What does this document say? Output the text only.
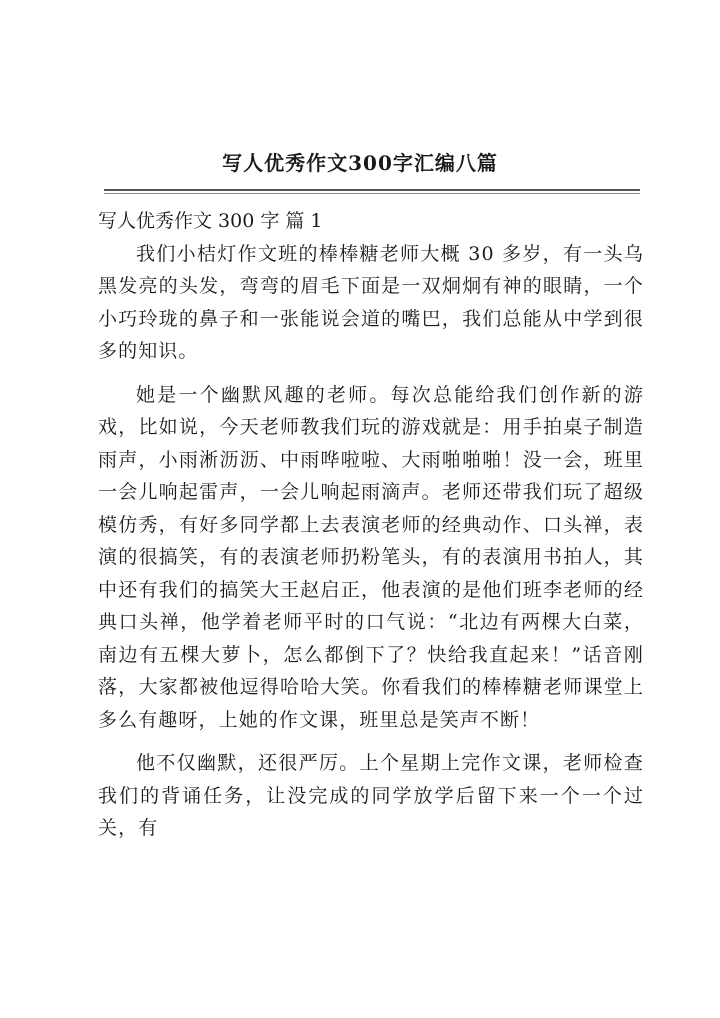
写人优秀作文300字汇编八篇
写人优秀作文 300 字 篇 1

我们小桔灯作文班的棒棒糖老师大概 30 多岁，有一头乌黑发亮的头发，弯弯的眉毛下面是一双炯炯有神的眼睛，一个小巧玲珑的鼻子和一张能说会道的嘴巴，我们总能从中学到很多的知识。

她是一个幽默风趣的老师。每次总能给我们创作新的游戏，比如说，今天老师教我们玩的游戏就是：用手拍桌子制造雨声，小雨淅沥沥、中雨哗啦啦、大雨啪啪啪！没一会，班里一会儿响起雷声，一会儿响起雨滴声。老师还带我们玩了超级模仿秀，有好多同学都上去表演老师的经典动作、口头禅，表演的很搞笑，有的表演老师扔粉笔头，有的表演用书拍人，其中还有我们的搞笑大王赵启正，他表演的是他们班李老师的经典口头禅，他学着老师平时的口气说：“北边有两棵大白菜，南边有五棵大萝卜，怎么都倒下了？快给我直起来！”话音刚落，大家都被他逗得哈哈大笑。你看我们的棒棒糖老师课堂上多么有趣呀，上她的作文课，班里总是笑声不断！

他不仅幽默，还很严厉。上个星期上完作文课，老师检查我们的背诵任务，让没完成的同学放学后留下来一个一个过关，有
